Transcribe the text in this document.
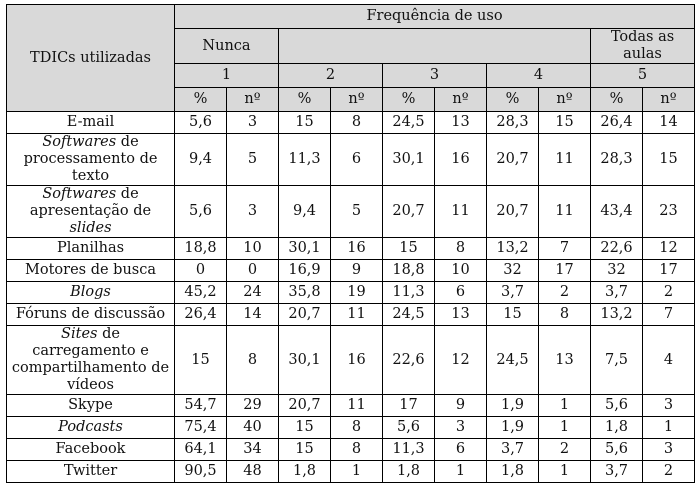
TDICs utilizadas	Frequência de uso									
	Nunca								Todas as aulas	
	1		2		3		4		5	
	%	nº	%	nº	%	nº	%	nº	%	nº
E-mail	5,6	3	15	8	24,5	13	28,3	15	26,4	14
Softwares de processamento de texto	9,4	5	11,3	6	30,1	16	20,7	11	28,3	15
Softwares de apresentação de slides	5,6	3	9,4	5	20,7	11	20,7	11	43,4	23
Planilhas	18,8	10	30,1	16	15	8	13,2	7	22,6	12
Motores de busca	0	0	16,9	9	18,8	10	32	17	32	17
Blogs	45,2	24	35,8	19	11,3	6	3,7	2	3,7	2
Fóruns de discussão	26,4	14	20,7	11	24,5	13	15	8	13,2	7
Sites de carregamento e compartilhamento de vídeos	15	8	30,1	16	22,6	12	24,5	13	7,5	4
Skype	54,7	29	20,7	11	17	9	1,9	1	5,6	3
Podcasts	75,4	40	15	8	5,6	3	1,9	1	1,8	1
Facebook	64,1	34	15	8	11,3	6	3,7	2	5,6	3
Twitter	90,5	48	1,8	1	1,8	1	1,8	1	3,7	2
